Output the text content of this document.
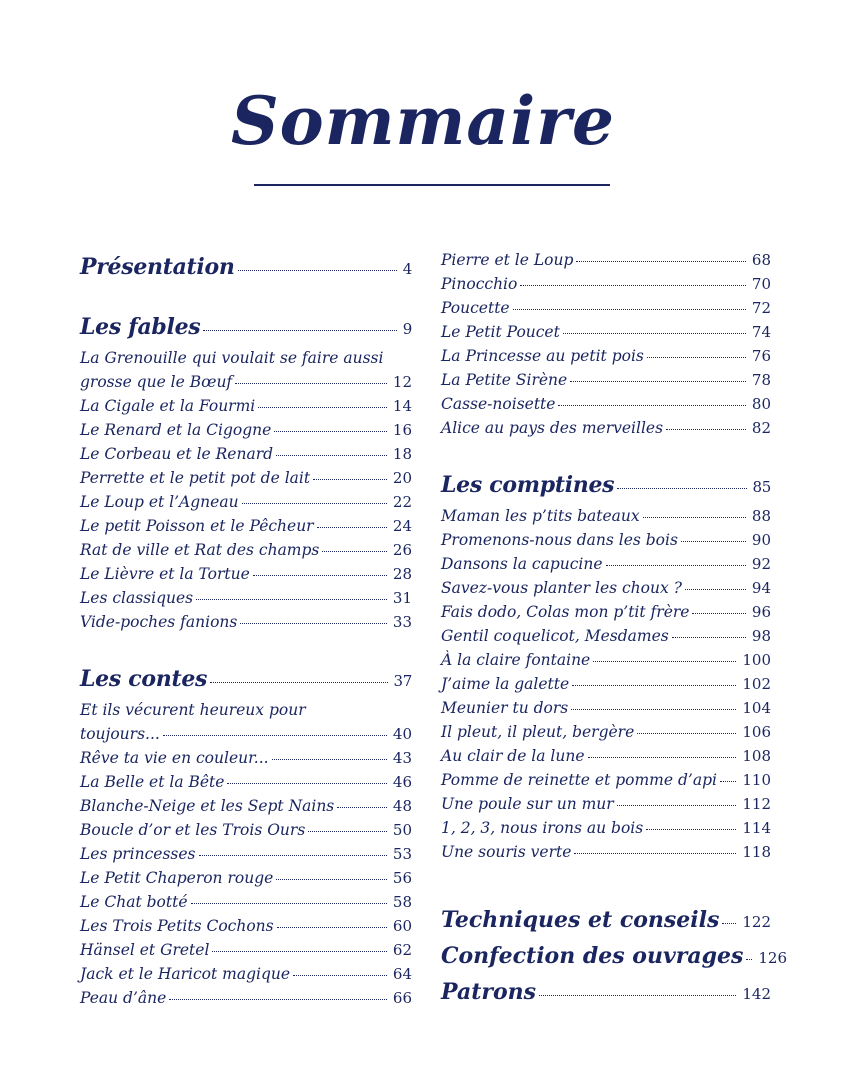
Sommaire
Présentation	4
Les fables	9
La Grenouille qui voulait se faire aussi
grosse que le Bœuf	12
La Cigale et la Fourmi	14
Le Renard et la Cigogne	16
Le Corbeau et le Renard	18
Perrette et le petit pot de lait	20
Le Loup et l’Agneau	22
Le petit Poisson et le Pêcheur	24
Rat de ville et Rat des champs	26
Le Lièvre et la Tortue	28
Les classiques	31
Vide-poches fanions	33
Les contes	37
Et ils vécurent heureux pour
toujours...	40
Rêve ta vie en couleur...	43
La Belle et la Bête	46
Blanche-Neige et les Sept Nains	48
Boucle d’or et les Trois Ours	50
Les princesses	53
Le Petit Chaperon rouge	56
Le Chat botté	58
Les Trois Petits Cochons	60
Hänsel et Gretel	62
Jack et le Haricot magique	64
Peau d’âne	66
Pierre et le Loup	68
Pinocchio	70
Poucette	72
Le Petit Poucet	74
La Princesse au petit pois	76
La Petite Sirène	78
Casse-noisette	80
Alice au pays des merveilles	82
Les comptines	85
Maman les p’tits bateaux	88
Promenons-nous dans les bois	90
Dansons la capucine	92
Savez-vous planter les choux ?	94
Fais dodo, Colas mon p’tit frère	96
Gentil coquelicot, Mesdames	98
À la claire fontaine	100
J’aime la galette	102
Meunier tu dors	104
Il pleut, il pleut, bergère	106
Au clair de la lune	108
Pomme de reinette et pomme d’api 110
Une poule sur un mur	112
1, 2, 3, nous irons au bois	114
Une souris verte	118
Techniques et conseils 122
Confection des ouvrages 126
Patrons	142
